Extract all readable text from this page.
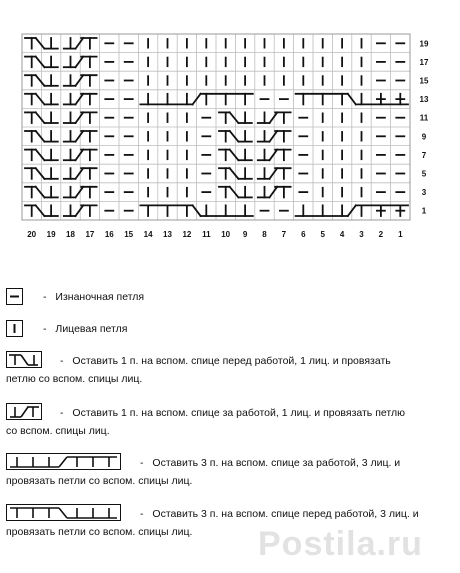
20 19 18 17 16 15 14 13 12 11 10 9 8 7 6 5 4 3 2 1
19
17
15
13
11
9
7
5
3
1
- Изнаночная петля
- Лицевая петля
- Оставить 1 п. на вспом. спице перед работой, 1 лиц. и провязать
петлю со вспом. спицы лиц.
- Оставить 1 п. на вспом. спице за работой, 1 лиц. и провязать петлю
со вспом. спицы лиц.
- Оставить 3 п. на вспом. спице за работой, 3 лиц. и
провязать петли со вспом. спицы лиц.
- Оставить 3 п. на вспом. спице перед работой, 3 лиц. и
провязать петли со вспом. спицы лиц. Postila.ru
